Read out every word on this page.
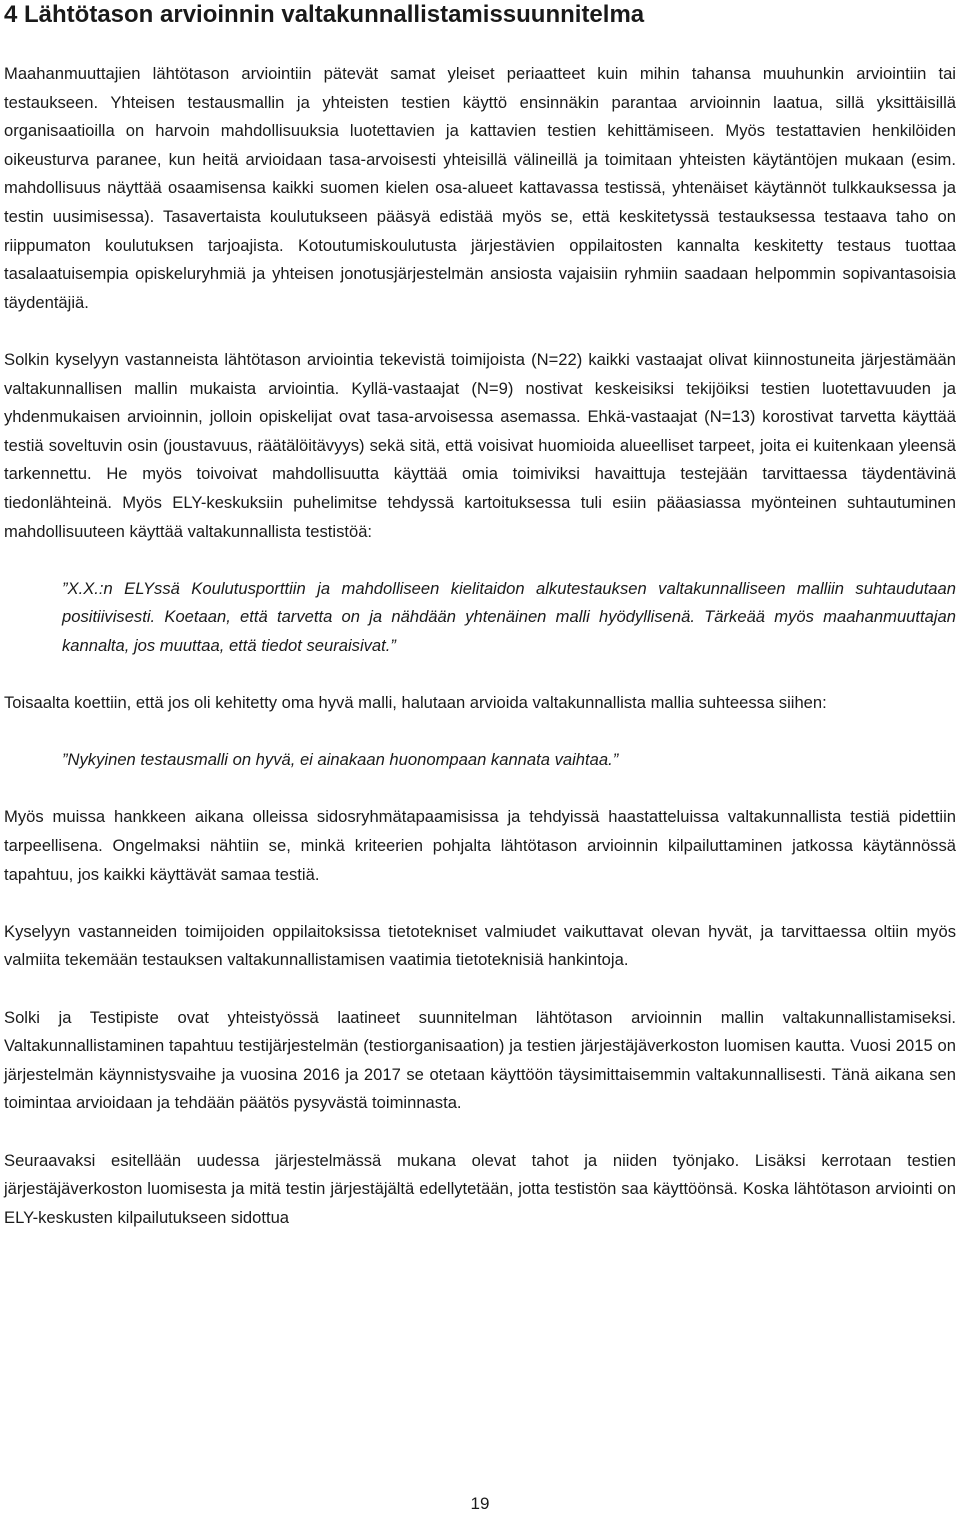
4 Lähtötason arvioinnin valtakunnallistamissuunnitelma

Maahanmuuttajien lähtötason arviointiin pätevät samat yleiset periaatteet kuin mihin tahansa muuhunkin arviointiin tai testaukseen. Yhteisen testausmallin ja yhteisten testien käyttö ensinnäkin parantaa arvioinnin laatua, sillä yksittäisillä organisaatioilla on harvoin mahdollisuuksia luotettavien ja kattavien testien kehittämiseen. Myös testattavien henkilöiden oikeusturva paranee, kun heitä arvioidaan tasa-arvoisesti yhteisillä välineillä ja toimitaan yhteisten käytäntöjen mukaan (esim. mahdollisuus näyttää osaamisensa kaikki suomen kielen osa-alueet kattavassa testissä, yhtenäiset käytännöt tulkkauksessa ja testin uusimisessa). Tasavertaista koulutukseen pääsyä edistää myös se, että keskitetyssä testauksessa testaava taho on riippumaton koulutuksen tarjoajista. Kotoutumiskoulutusta järjestävien oppilaitosten kannalta keskitetty testaus tuottaa tasalaatuisempia opiskeluryhmiä ja yhteisen jonotusjärjestelmän ansiosta vajaisiin ryhmiin saadaan helpommin sopivantasoisia täydentäjiä.

Solkin kyselyyn vastanneista lähtötason arviointia tekevistä toimijoista (N=22) kaikki vastaajat olivat kiinnostuneita järjestämään valtakunnallisen mallin mukaista arviointia. Kyllä-vastaajat (N=9) nostivat keskeisiksi tekijöiksi testien luotettavuuden ja yhdenmukaisen arvioinnin, jolloin opiskelijat ovat tasa-arvoisessa asemassa. Ehkä-vastaajat (N=13) korostivat tarvetta käyttää testiä soveltuvin osin (joustavuus, räätälöitävyys) sekä sitä, että voisivat huomioida alueelliset tarpeet, joita ei kuitenkaan yleensä tarkennettu. He myös toivoivat mahdollisuutta käyttää omia toimiviksi havaittuja testejään tarvittaessa täydentävinä tiedonlähteinä. Myös ELY-keskuksiin puhelimitse tehdyssä kartoituksessa tuli esiin pääasiassa myönteinen suhtautuminen mahdollisuuteen käyttää valtakunnallista testistöä:

”X.X.:n ELYssä Koulutusporttiin ja mahdolliseen kielitaidon alkutestauksen valtakunnalliseen malliin suhtaudutaan positiivisesti. Koetaan, että tarvetta on ja nähdään yhtenäinen malli hyödyllisenä. Tärkeää myös maahanmuuttajan kannalta, jos muuttaa, että tiedot seuraisivat.”

Toisaalta koettiin, että jos oli kehitetty oma hyvä malli, halutaan arvioida valtakunnallista mallia suhteessa siihen:

”Nykyinen testausmalli on hyvä, ei ainakaan huonompaan kannata vaihtaa.”

Myös muissa hankkeen aikana olleissa sidosryhmätapaamisissa ja tehdyissä haastatteluissa valtakunnallista testiä pidettiin tarpeellisena. Ongelmaksi nähtiin se, minkä kriteerien pohjalta lähtötason arvioinnin kilpailuttaminen jatkossa käytännössä tapahtuu, jos kaikki käyttävät samaa testiä.

Kyselyyn vastanneiden toimijoiden oppilaitoksissa tietotekniset valmiudet vaikuttavat olevan hyvät, ja tarvittaessa oltiin myös valmiita tekemään testauksen valtakunnallistamisen vaatimia tietoteknisiä hankintoja.

Solki ja Testipiste ovat yhteistyössä laatineet suunnitelman lähtötason arvioinnin mallin valtakunnallistamiseksi. Valtakunnallistaminen tapahtuu testijärjestelmän (testiorganisaation) ja testien järjestäjäverkoston luomisen kautta. Vuosi 2015 on järjestelmän käynnistysvaihe ja vuosina 2016 ja 2017 se otetaan käyttöön täysimittaisemmin valtakunnallisesti. Tänä aikana sen toimintaa arvioidaan ja tehdään päätös pysyvästä toiminnasta.

Seuraavaksi esitellään uudessa järjestelmässä mukana olevat tahot ja niiden työnjako. Lisäksi kerrotaan testien järjestäjäverkoston luomisesta ja mitä testin järjestäjältä edellytetään, jotta testistön saa käyttöönsä. Koska lähtötason arviointi on ELY-keskusten kilpailutukseen sidottua

19
